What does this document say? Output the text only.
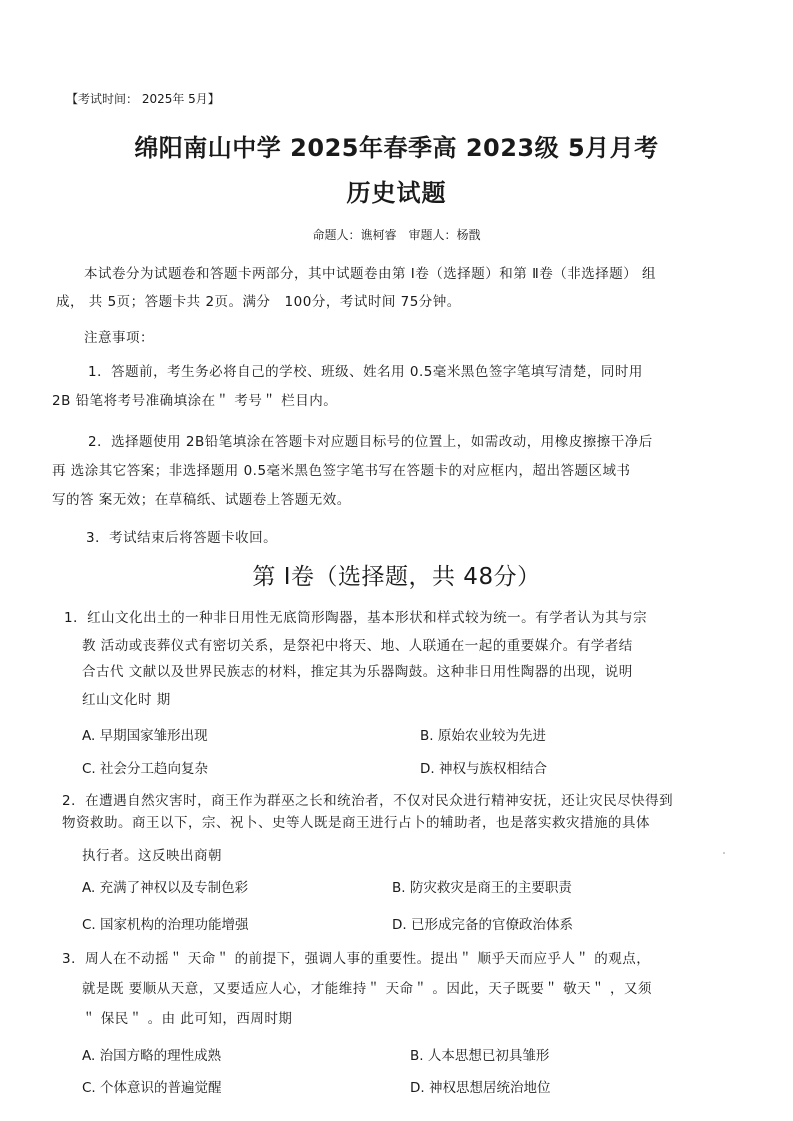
【考试时间： 2025年 5月】
绵阳南山中学 2025年春季高 2023级 5月月考
历史试题
命题人：谯柯睿　审题人：杨戬
本试卷分为试题卷和答题卡两部分，其中试题卷由第 Ⅰ卷（选择题）和第 Ⅱ卷（非选择题） 组
成， 共 5页；答题卡共 2页。满分　100分，考试时间 75分钟。
注意事项：
1．答题前，考生务必将自己的学校、班级、姓名用 0.5毫米黑色签字笔填写清楚，同时用
2B 铅笔将考号准确填涂在＂ 考号＂ 栏目内。
2．选择题使用 2B铅笔填涂在答题卡对应题目标号的位置上，如需改动，用橡皮擦擦干净后
再 选涂其它答案；非选择题用 0.5毫米黑色签字笔书写在答题卡的对应框内，超出答题区域书
写的答 案无效；在草稿纸、试题卷上答题无效。
3．考试结束后将答题卡收回。
第 Ⅰ卷（选择题，共 48分）
1．红山文化出土的一种非日用性无底筒形陶器，基本形状和样式较为统一。有学者认为其与宗
教 活动或丧葬仪式有密切关系，是祭祀中将天、地、人联通在一起的重要媒介。有学者结
合古代 文献以及世界民族志的材料，推定其为乐器陶鼓。这种非日用性陶器的出现，说明
红山文化时 期
A. 早期国家雏形出现	B. 原始农业较为先进
C. 社会分工趋向复杂	D. 神权与族权相结合
2．在遭遇自然灾害时，商王作为群巫之长和统治者，不仅对民众进行精神安抚，还让灾民尽快得到
物资救助。商王以下，宗、祝卜、史等人既是商王进行占卜的辅助者，也是落实救灾措施的具体
执行者。这反映出商朝
A. 充满了神权以及专制色彩	B. 防灾救灾是商王的主要职责
C. 国家机构的治理功能增强	D. 已形成完备的官僚政治体系
3．周人在不动摇＂ 天命＂ 的前提下，强调人事的重要性。提出＂ 顺乎天而应乎人＂ 的观点，
就是既 要顺从天意，又要适应人心，才能维持＂ 天命＂ 。因此，天子既要＂ 敬天＂ ，又须
＂ 保民＂ 。由 此可知，西周时期
A. 治国方略的理性成熟	B. 人本思想已初具雏形
C. 个体意识的普遍觉醒	D. 神权思想居统治地位
